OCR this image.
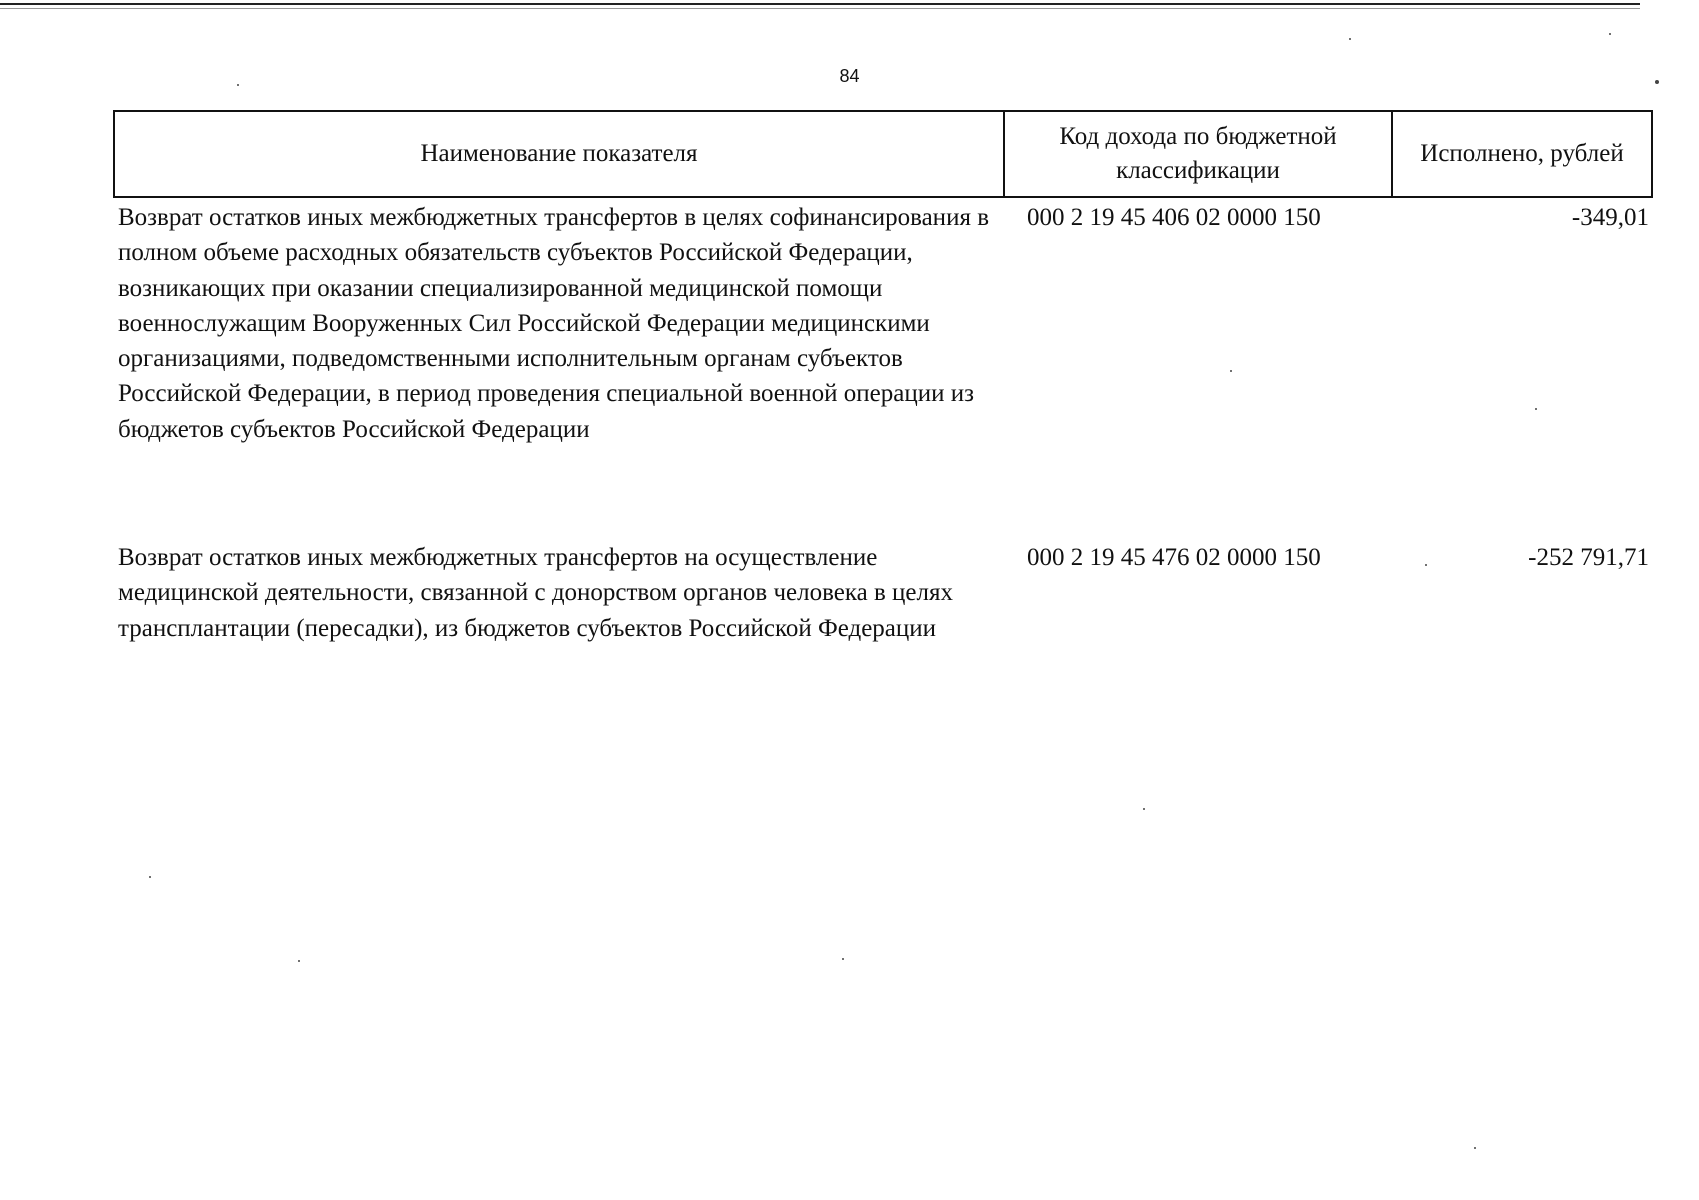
84
Наименование показателя
Код дохода по бюджетной классификации
Исполнено, рублей
Возврат остатков иных межбюджетных трансфертов в целях софинансирования в полном объеме расходных обязательств субъектов Российской Федерации, возникающих при оказании специализированной медицинской помощи военнослужащим Вооруженных Сил Российской Федерации медицинскими организациями, подведомственными исполнительным органам субъектов Российской Федерации, в период проведения специальной военной операции из бюджетов субъектов Российской Федерации
000 2 19 45 406 02 0000 150	-349,01
Возврат остатков иных межбюджетных трансфертов на осуществление медицинской деятельности, связанной с донорством органов человека в целях трансплантации (пересадки), из бюджетов субъектов Российской Федерации
000 2 19 45 476 02 0000 150	-252 791,71
